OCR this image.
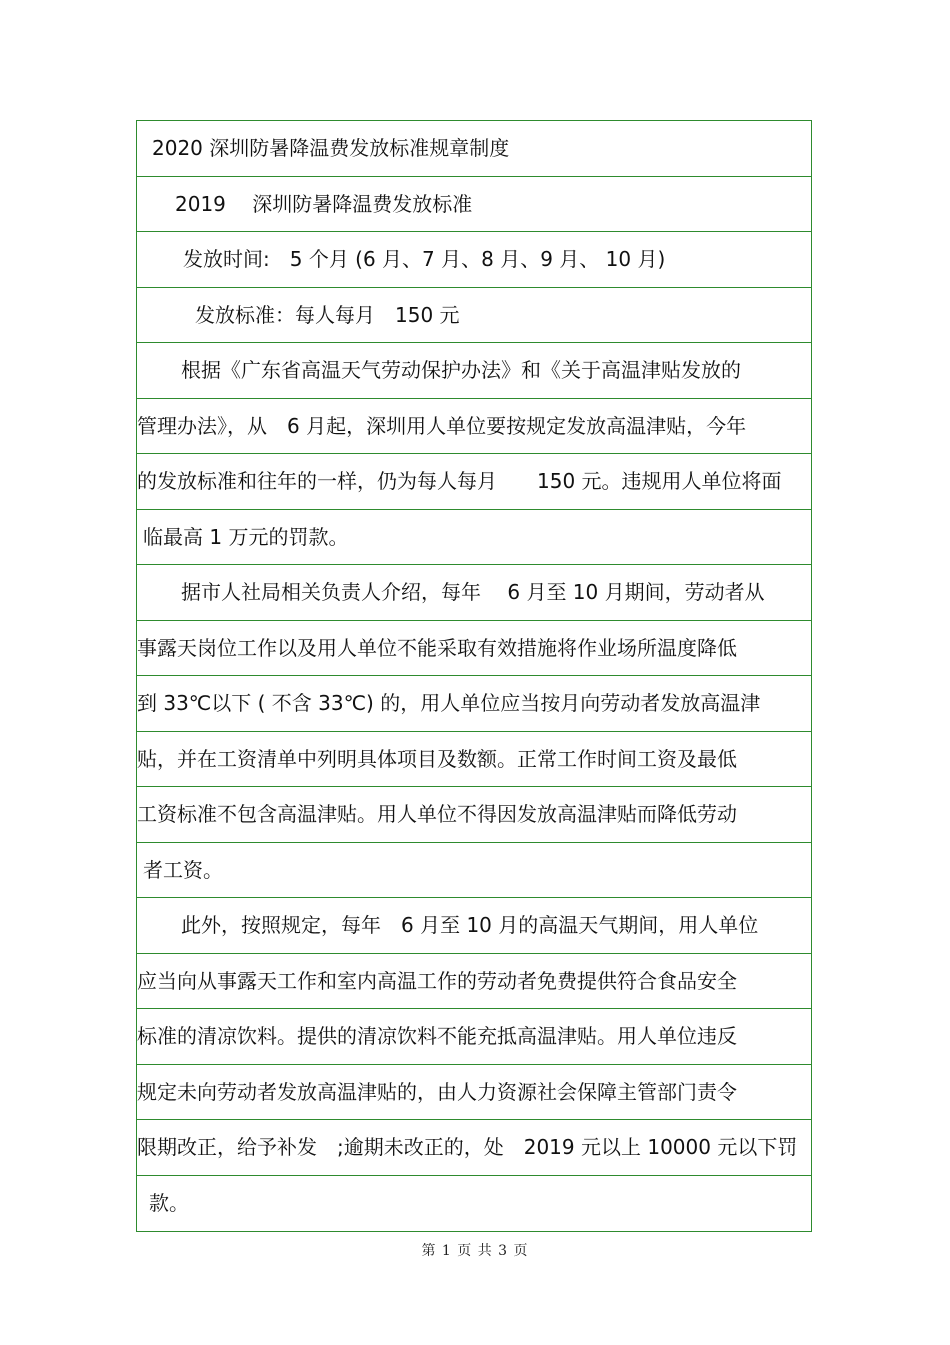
2020 深圳防暑降温费发放标准规章制度
2019　 深圳防暑降温费发放标准
发放时间:　5 个月 (6 月、7 月、8 月、9 月、 10 月)
发放标准：每人每月　150 元
根据《广东省高温天气劳动保护办法》和《关于高温津贴发放的
管理办法》，从　6 月起，深圳用人单位要按规定发放高温津贴，今年
的发放标准和往年的一样，仍为每人每月　　150 元。违规用人单位将面
临最高 1 万元的罚款。
据市人社局相关负责人介绍，每年　 6 月至 10 月期间，劳动者从
事露天岗位工作以及用人单位不能采取有效措施将作业场所温度降低
到 33℃以下 ( 不含 33℃) 的，用人单位应当按月向劳动者发放高温津
贴，并在工资清单中列明具体项目及数额。正常工作时间工资及最低
工资标准不包含高温津贴。用人单位不得因发放高温津贴而降低劳动
者工资。
此外，按照规定，每年　6 月至 10 月的高温天气期间，用人单位
应当向从事露天工作和室内高温工作的劳动者免费提供符合食品安全
标准的清凉饮料。提供的清凉饮料不能充抵高温津贴。用人单位违反
规定未向劳动者发放高温津贴的，由人力资源社会保障主管部门责令
限期改正，给予补发　;逾期未改正的，处　2019 元以上 10000 元以下罚
款。
第 1 页 共 3 页
